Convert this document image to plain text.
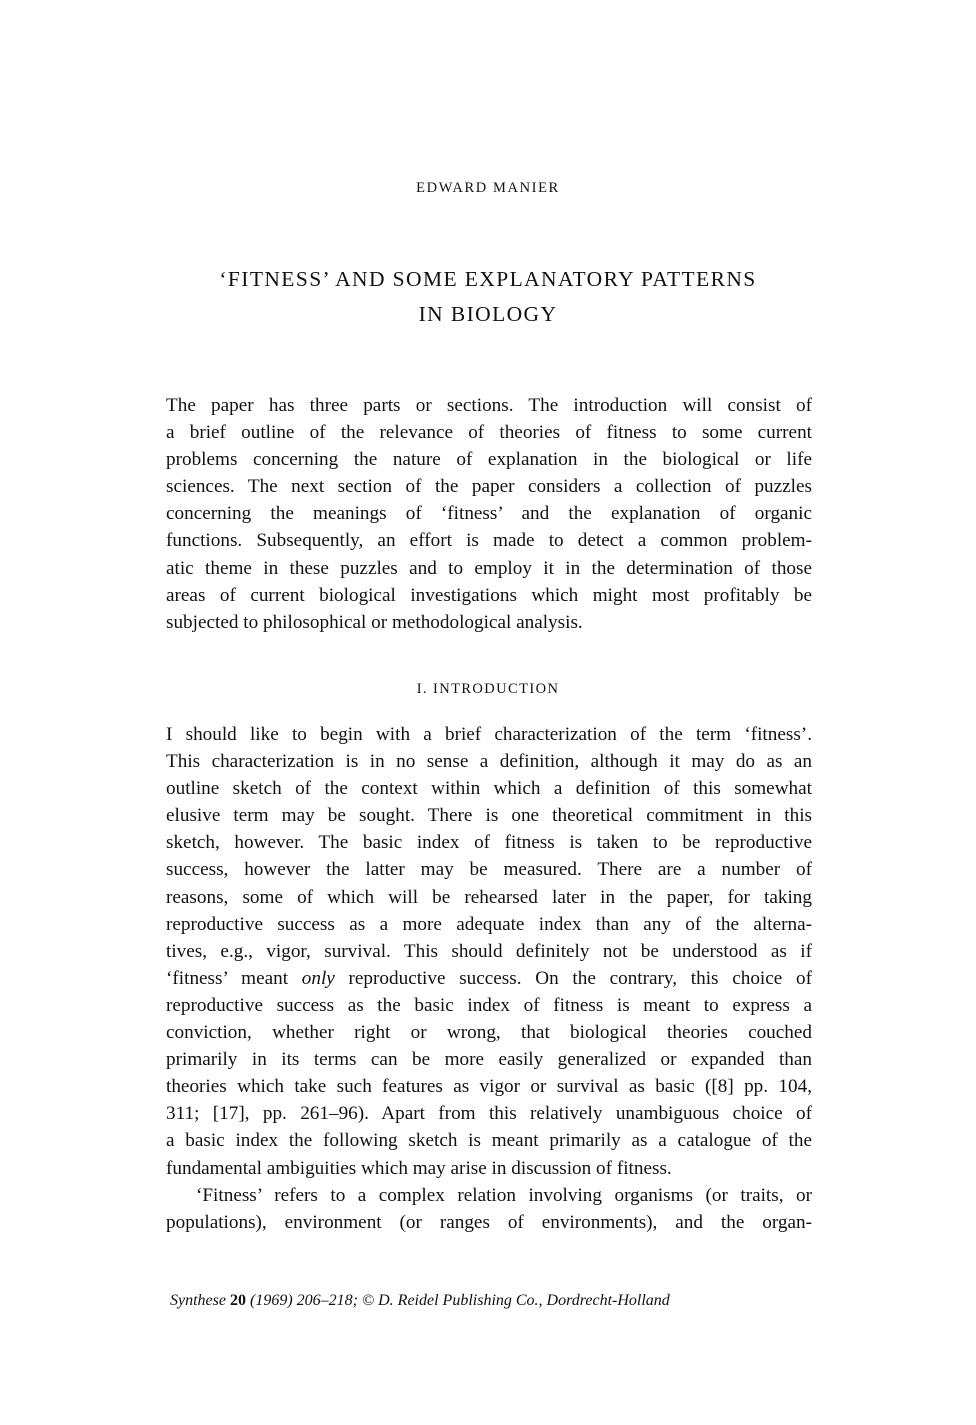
EDWARD MANIER
‘FITNESS’ AND SOME EXPLANATORY PATTERNS
IN BIOLOGY

The paper has three parts or sections. The introduction will consist of
a brief outline of the relevance of theories of fitness to some current
problems concerning the nature of explanation in the biological or life
sciences. The next section of the paper considers a collection of puzzles
concerning the meanings of ‘fitness’ and the explanation of organic
functions. Subsequently, an effort is made to detect a common problem-
atic theme in these puzzles and to employ it in the determination of those
areas of current biological investigations which might most profitably be
subjected to philosophical or methodological analysis.

I. INTRODUCTION

I should like to begin with a brief characterization of the term ‘fitness’.
This characterization is in no sense a definition, although it may do as an
outline sketch of the context within which a definition of this somewhat
elusive term may be sought. There is one theoretical commitment in this
sketch, however. The basic index of fitness is taken to be reproductive
success, however the latter may be measured. There are a number of
reasons, some of which will be rehearsed later in the paper, for taking
reproductive success as a more adequate index than any of the alterna-
tives, e.g., vigor, survival. This should definitely not be understood as if
‘fitness’ meant only reproductive success. On the contrary, this choice of
reproductive success as the basic index of fitness is meant to express a
conviction, whether right or wrong, that biological theories couched
primarily in its terms can be more easily generalized or expanded than
theories which take such features as vigor or survival as basic ([8] pp. 104,
311; [17], pp. 261–96). Apart from this relatively unambiguous choice of
a basic index the following sketch is meant primarily as a catalogue of the
fundamental ambiguities which may arise in discussion of fitness.
‘Fitness’ refers to a complex relation involving organisms (or traits, or
populations), environment (or ranges of environments), and the organ-

Synthese 20 (1969) 206–218; © D. Reidel Publishing Co., Dordrecht-Holland
